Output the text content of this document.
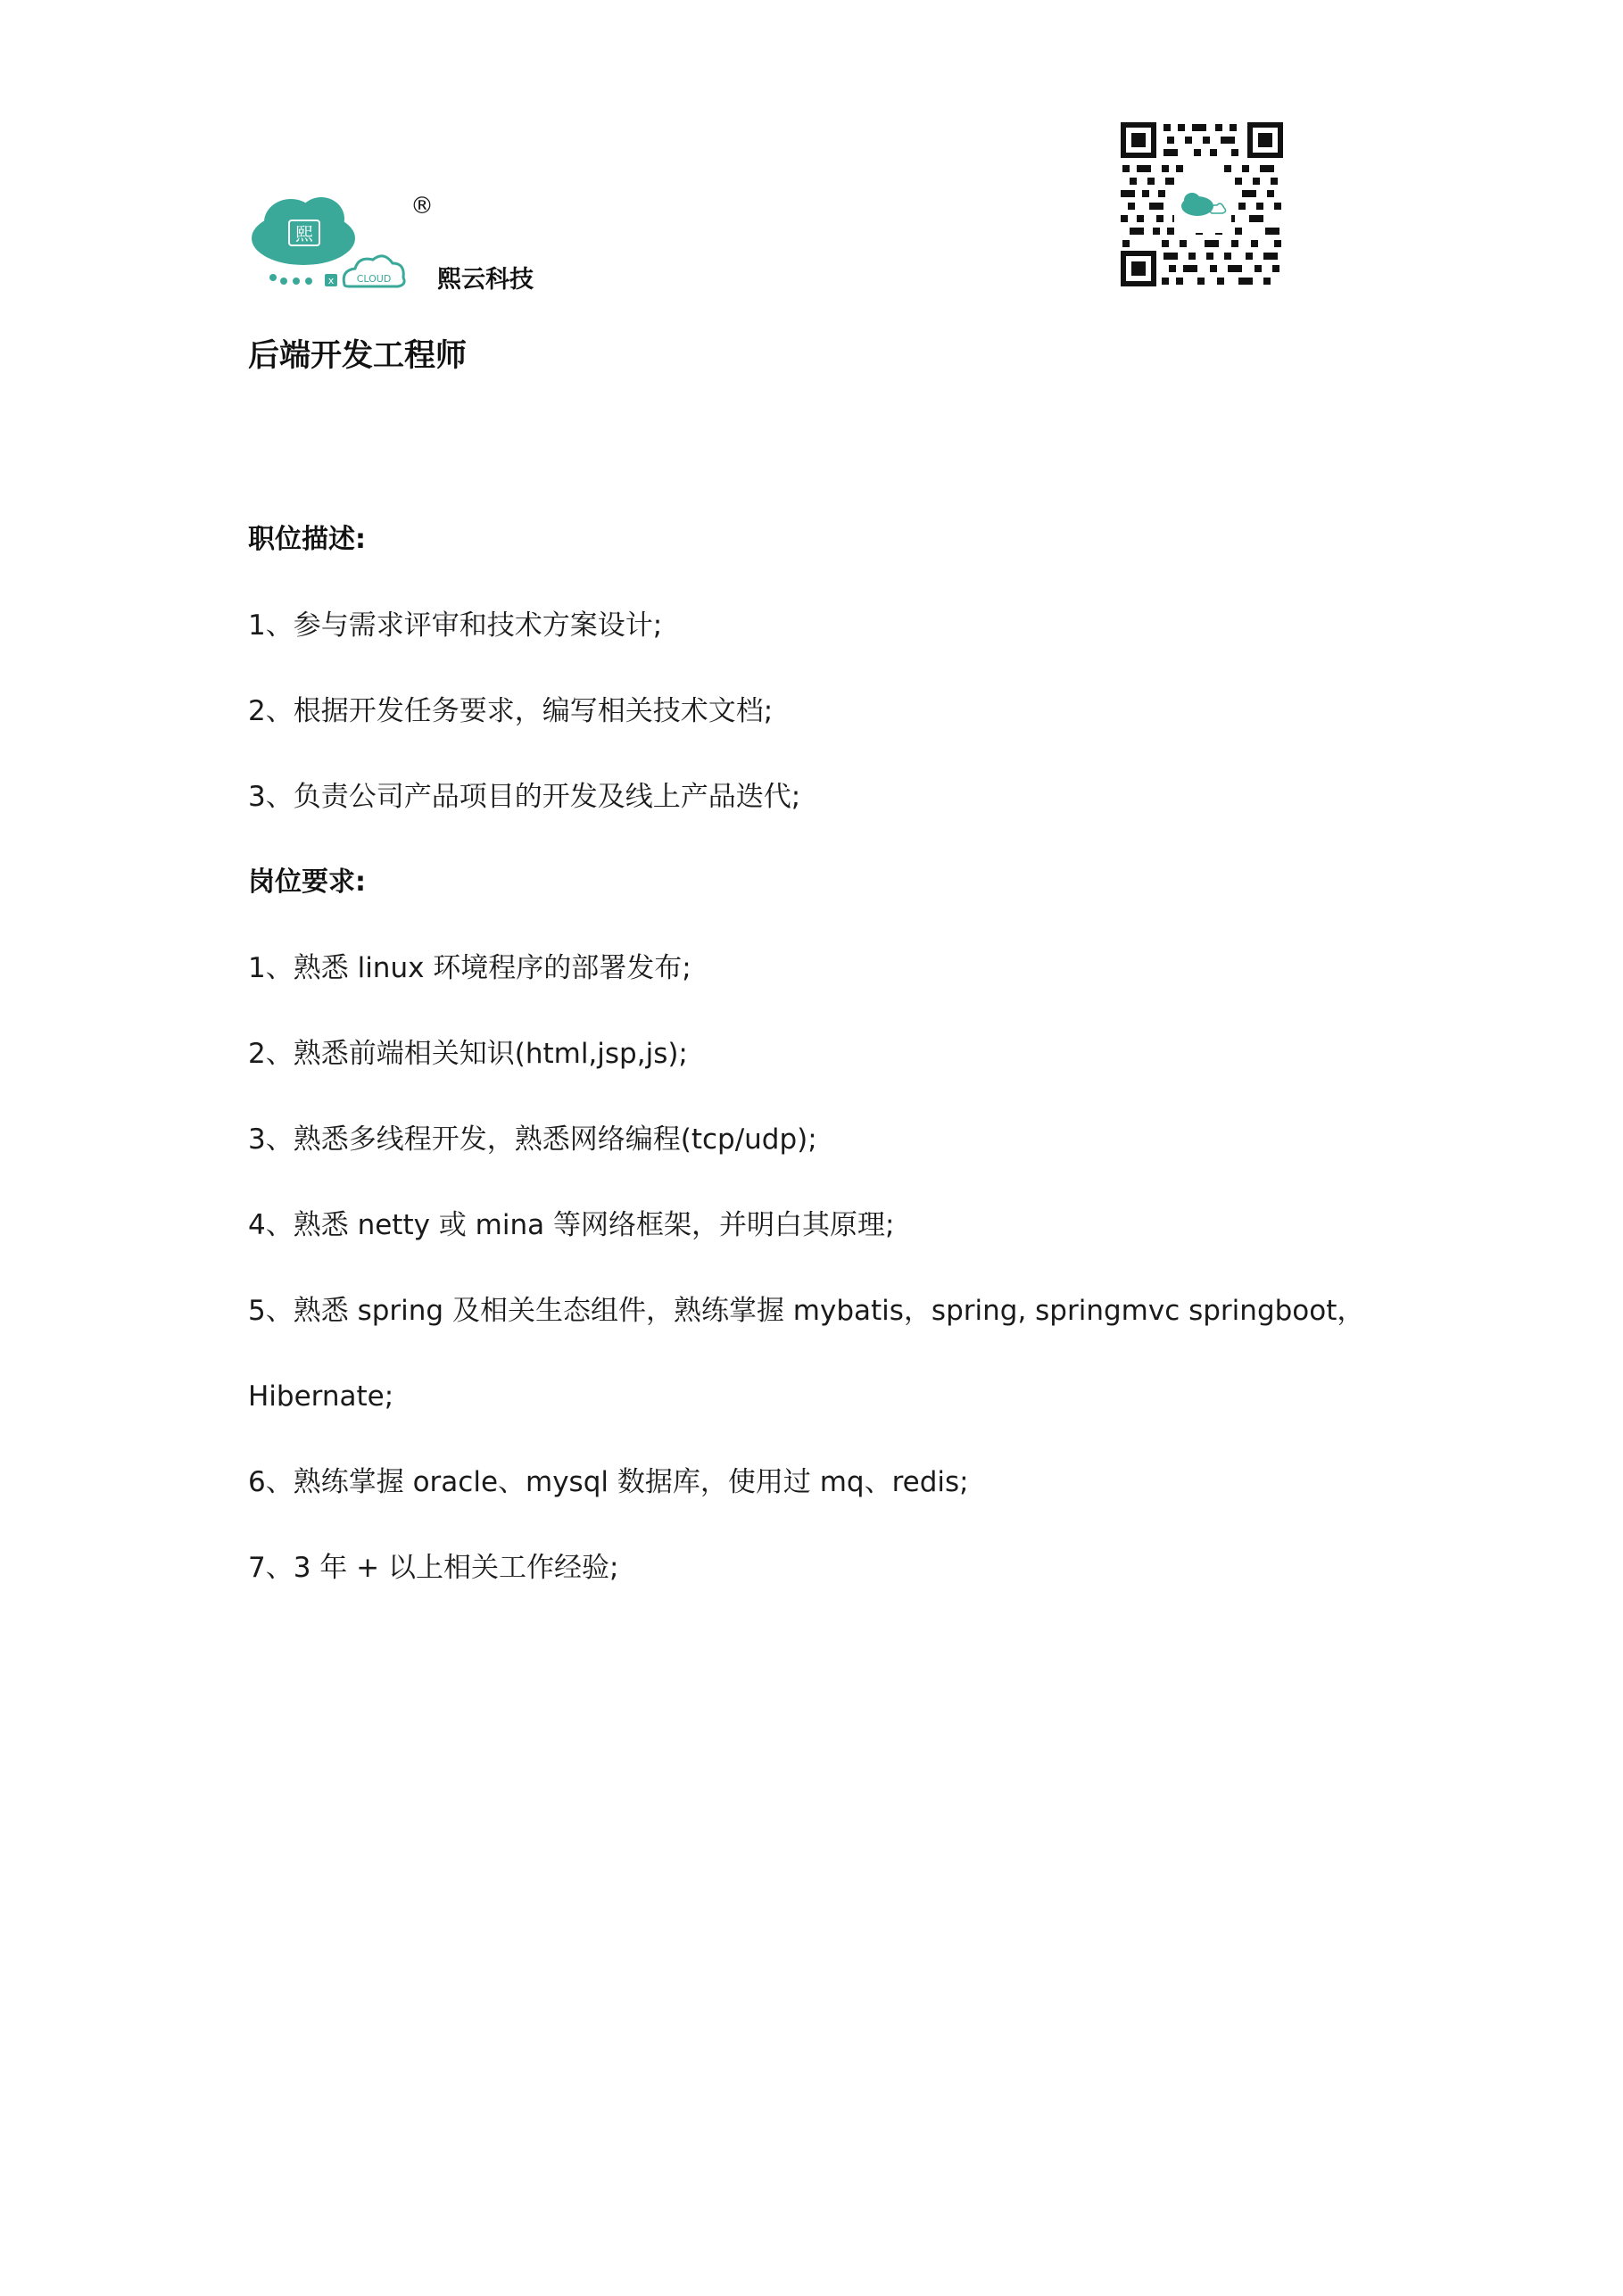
熙
x CLOUD
®
熙云科技
后端开发工程师
职位描述:
1、参与需求评审和技术方案设计;
2、根据开发任务要求，编写相关技术文档;
3、负责公司产品项目的开发及线上产品迭代;
岗位要求:
1、熟悉 linux 环境程序的部署发布;
2、熟悉前端相关知识(html,jsp,js);
3、熟悉多线程开发，熟悉网络编程(tcp/udp);
4、熟悉 netty 或 mina 等网络框架，并明白其原理;
5、熟悉 spring 及相关生态组件，熟练掌握 mybatis，spring, springmvc springboot，
Hibernate;
6、熟练掌握 oracle、mysql 数据库，使用过 mq、redis;
7、3 年 + 以上相关工作经验;
